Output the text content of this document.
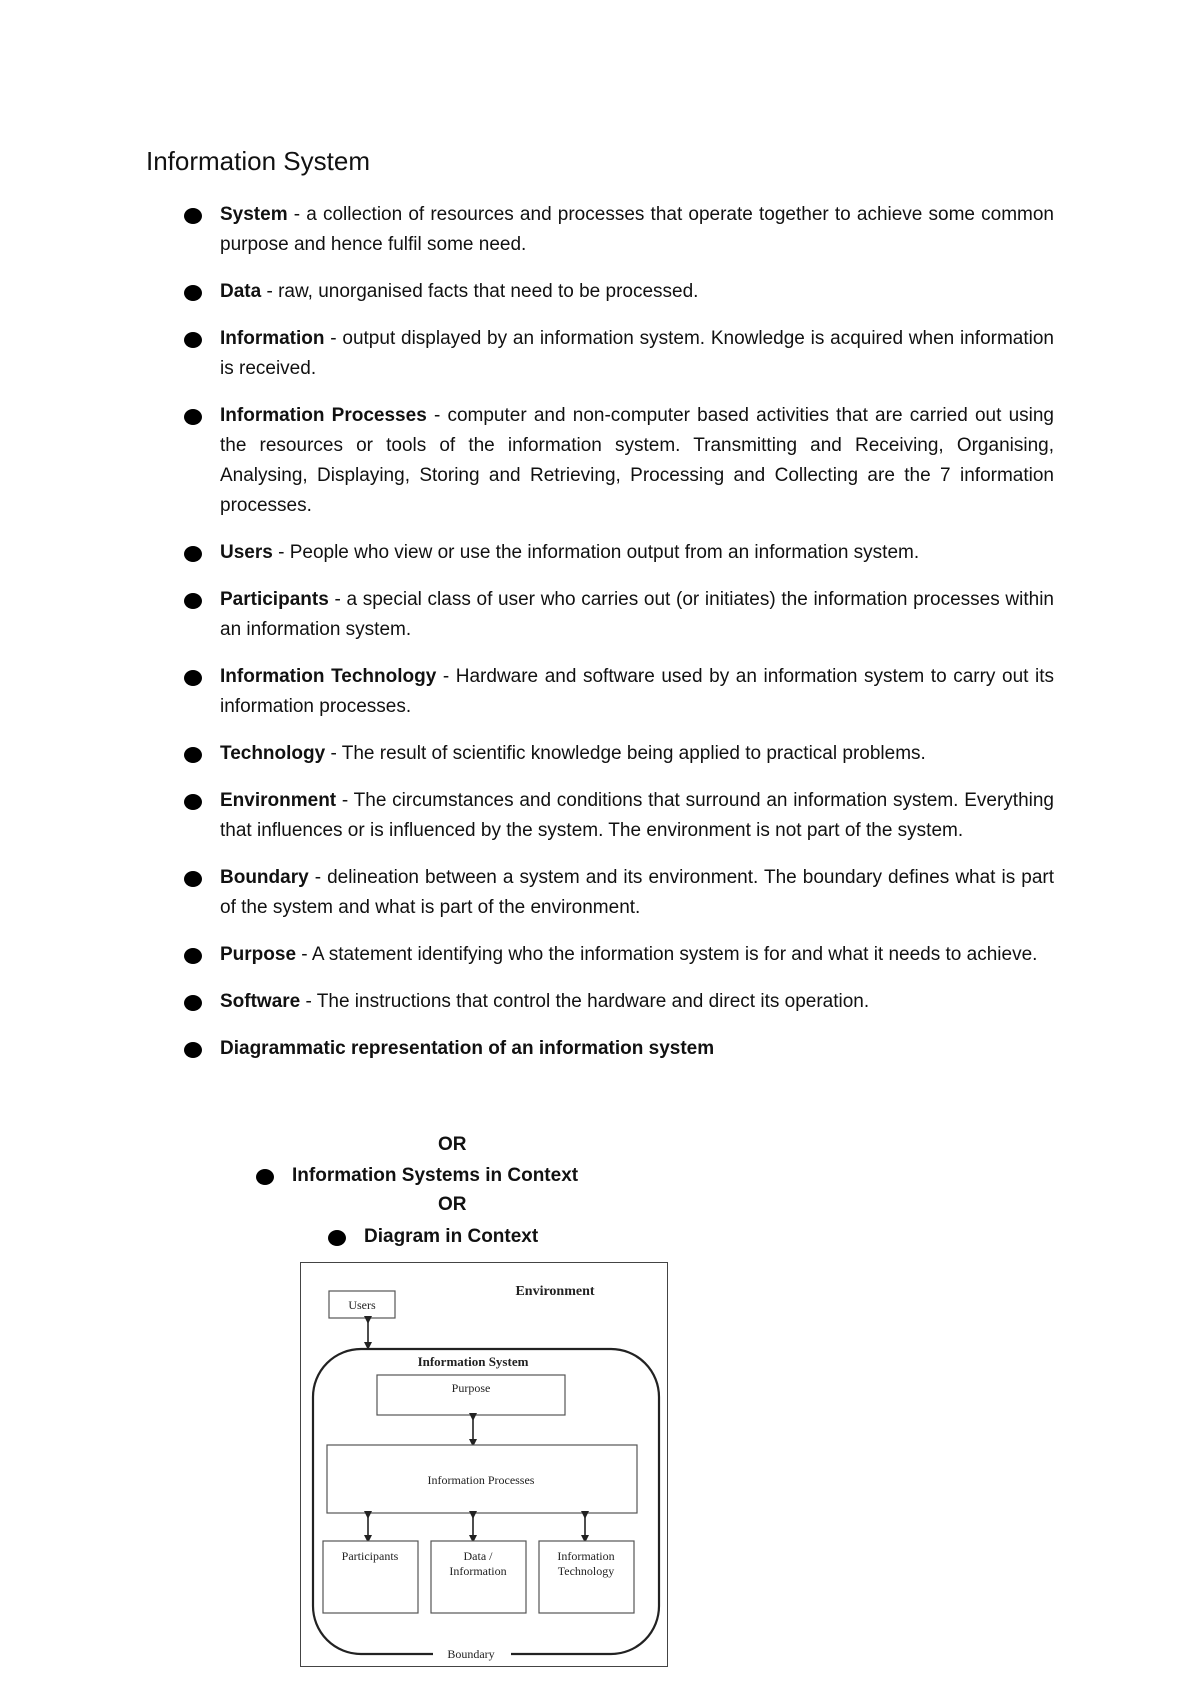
Information System
System - a collection of resources and processes that operate together to achieve some common purpose and hence fulfil some need.
Data - raw, unorganised facts that need to be processed.
Information - output displayed by an information system. Knowledge is acquired when information is received.
Information Processes - computer and non-computer based activities that are carried out using the resources or tools of the information system. Transmitting and Receiving, Organising, Analysing, Displaying, Storing and Retrieving, Processing and Collecting are the 7 information processes.
Users - People who view or use the information output from an information system.
Participants - a special class of user who carries out (or initiates) the information processes within an information system.
Information Technology - Hardware and software used by an information system to carry out its information processes.
Technology - The result of scientific knowledge being applied to practical problems.
Environment - The circumstances and conditions that surround an information system. Everything that influences or is influenced by the system. The environment is not part of the system.
Boundary - delineation between a system and its environment. The boundary defines what is part of the system and what is part of the environment.
Purpose - A statement identifying who the information system is for and what it needs to achieve.
Software - The instructions that control the hardware and direct its operation.
Diagrammatic representation of an information system
OR
Information Systems in Context
OR
Diagram in Context
Users
Environment
Information System
Purpose
Information Processes
Participants	Data /
Information
Information
Technology
Boundary
